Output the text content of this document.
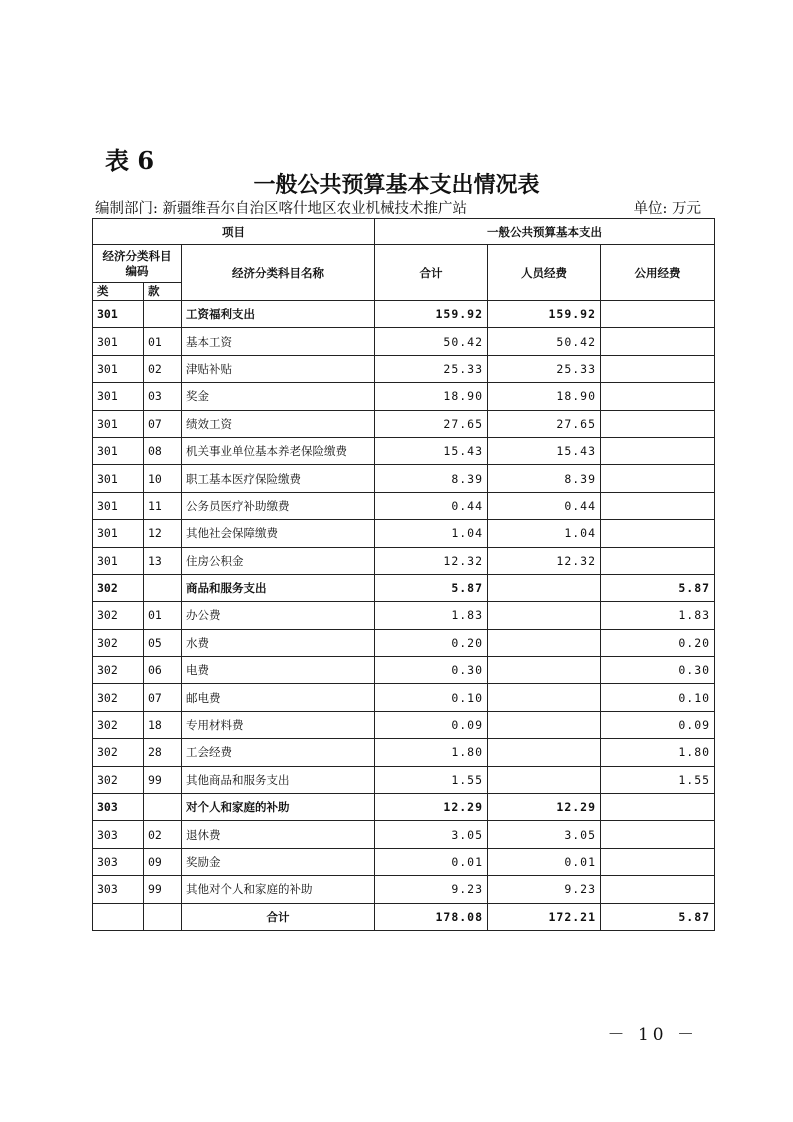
表 6
一般公共预算基本支出情况表
编制部门: 新疆维吾尔自治区喀什地区农业机械技术推广站	单位: 万元
项目			一般公共预算基本支出		
经济分类科目编码		经济分类科目名称	合计	人员经费	公用经费
类	款				
301		工资福利支出	159.92	159.92	
301	01	基本工资	50.42	50.42	
301	02	津贴补贴	25.33	25.33	
301	03	奖金	18.90	18.90	
301	07	绩效工资	27.65	27.65	
301	08	机关事业单位基本养老保险缴费	15.43	15.43	
301	10	职工基本医疗保险缴费	8.39	8.39	
301	11	公务员医疗补助缴费	0.44	0.44	
301	12	其他社会保障缴费	1.04	1.04	
301	13	住房公积金	12.32	12.32	
302		商品和服务支出	5.87		5.87
302	01	办公费	1.83		1.83
302	05	水费	0.20		0.20
302	06	电费	0.30		0.30
302	07	邮电费	0.10		0.10
302	18	专用材料费	0.09		0.09
302	28	工会经费	1.80		1.80
302	99	其他商品和服务支出	1.55		1.55
303		对个人和家庭的补助	12.29	12.29	
303	02	退休费	3.05	3.05	
303	09	奖励金	0.01	0.01	
303	99	其他对个人和家庭的补助	9.23	9.23	
		合计	178.08	172.21	5.87
－ 10 －
